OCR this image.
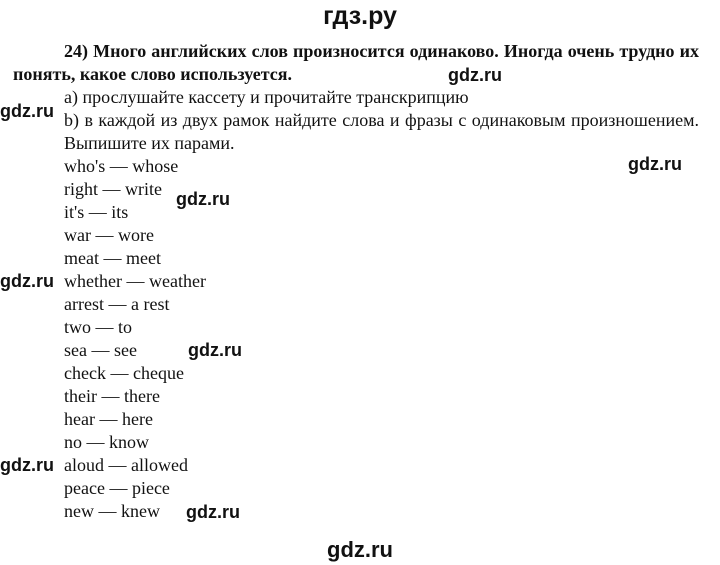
гдз.ру

24) Много английских слов произносится одинаково. Иногда очень трудно их понять, какое слово используется.

a) прослушайте кассету и прочитайте транскрипцию

b) в каждой из двух рамок найдите слова и фразы с одинаковым произношением. Выпишите их парами.

who's — whose
right — write
it's — its
war — wore
meat — meet
whether — weather
arrest — a rest
two — to
sea — see
check — cheque
their — there
hear — here
no — know
aloud — allowed
peace — piece
new — knew
gdz.ru
gdz.ru
gdz.ru
gdz.ru
gdz.ru
gdz.ru
gdz.ru
gdz.ru
gdz.ru
